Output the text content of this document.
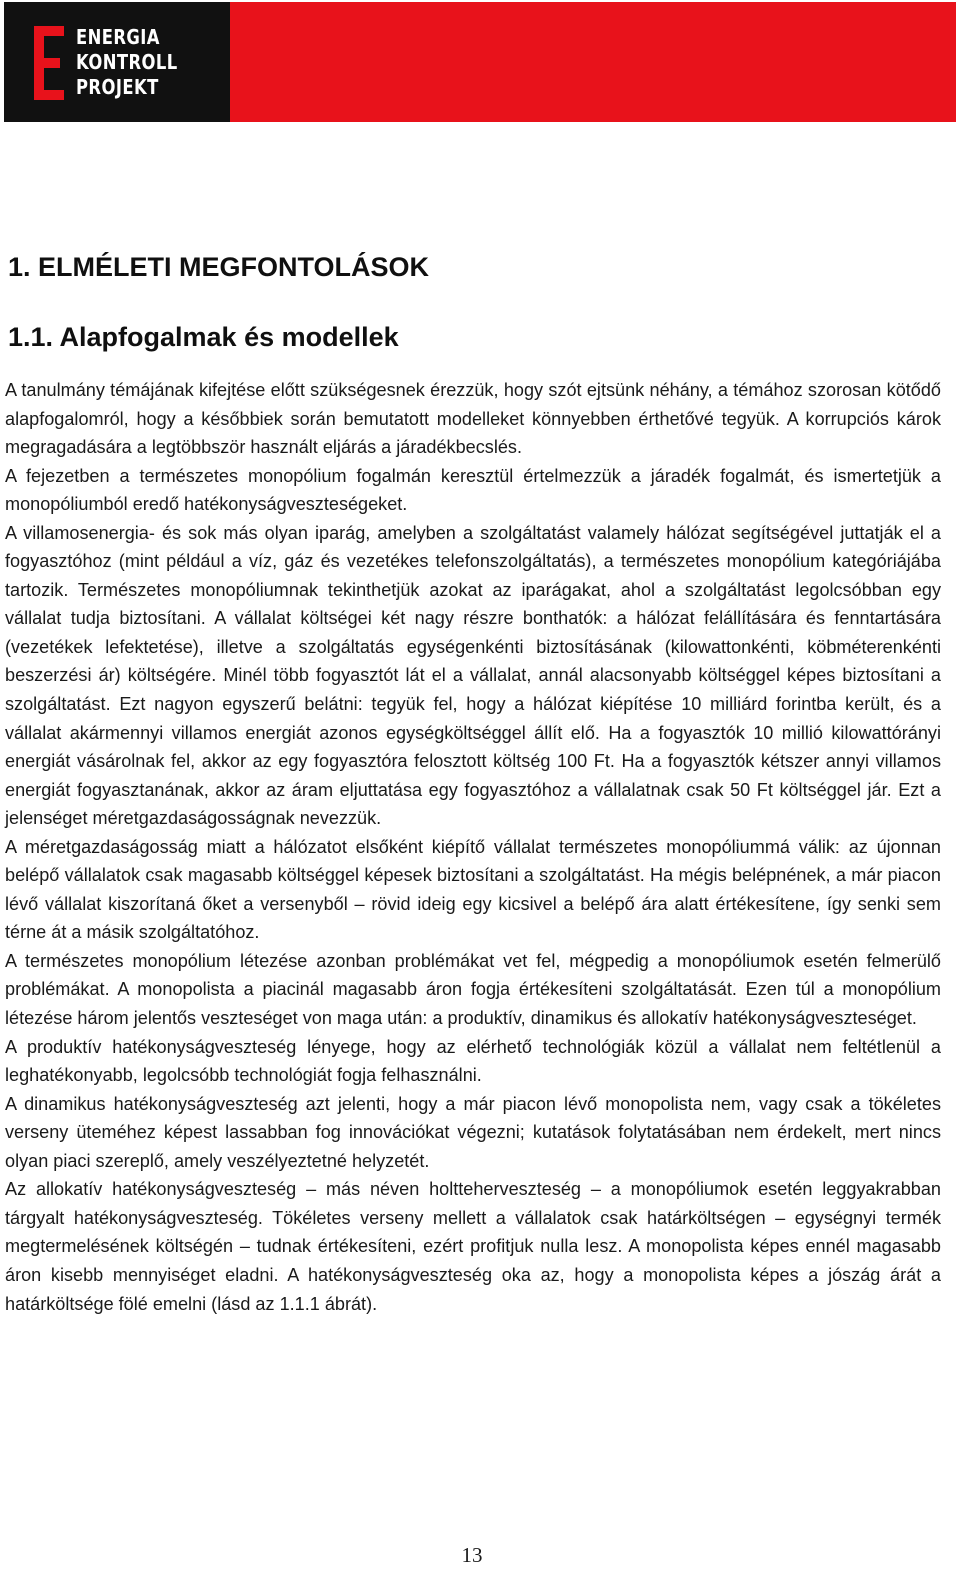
ENERGIA
KONTROLL
PROJEKT
1. ELMÉLETI MEGFONTOLÁSOK
1.1. Alapfogalmak és modellek

A tanulmány témájának kifejtése előtt szükségesnek érezzük, hogy szót ejtsünk néhány, a témához szorosan kötődő alapfogalomról, hogy a későbbiek során bemutatott modelleket könnyebben érthetővé tegyük. A korrupciós károk megragadására a legtöbbször használt eljárás a járadékbecslés.

A fejezetben a természetes monopólium fogalmán keresztül értelmezzük a járadék fogalmát, és ismertetjük a monopóliumból eredő hatékonyságveszteségeket.

A villamosenergia- és sok más olyan iparág, amelyben a szolgáltatást valamely hálózat segítségével juttatják el a fogyasztóhoz (mint például a víz, gáz és vezetékes telefonszolgáltatás), a természetes monopólium kategóriájába tartozik. Természetes monopóliumnak tekinthetjük azokat az iparágakat, ahol a szolgáltatást legolcsóbban egy vállalat tudja biztosítani. A vállalat költségei két nagy részre bonthatók: a hálózat felállítására és fenntartására (vezetékek lefektetése), illetve a szolgáltatás egységenkénti biztosításának (kilowattonkénti, köbméterenkénti beszerzési ár) költségére. Minél több fogyasztót lát el a vállalat, annál alacsonyabb költséggel képes biztosítani a szolgáltatást. Ezt nagyon egyszerű belátni: tegyük fel, hogy a hálózat kiépítése 10 milliárd forintba került, és a vállalat akármennyi villamos energiát azonos egységköltséggel állít elő. Ha a fogyasztók 10 millió kilowattórányi energiát vásárolnak fel, akkor az egy fogyasztóra felosztott költség 100 Ft. Ha a fogyasztók kétszer annyi villamos energiát fogyasztanának, akkor az áram eljuttatása egy fogyasztóhoz a vállalatnak csak 50 Ft költséggel jár. Ezt a jelenséget méretgazdaságosságnak nevezzük.

A méretgazdaságosság miatt a hálózatot elsőként kiépítő vállalat természetes monopóliummá válik: az újonnan belépő vállalatok csak magasabb költséggel képesek biztosítani a szolgáltatást. Ha mégis belépnének, a már piacon lévő vállalat kiszorítaná őket a versenyből – rövid ideig egy kicsivel a belépő ára alatt értékesítene, így senki sem térne át a másik szolgáltatóhoz.

A természetes monopólium létezése azonban problémákat vet fel, mégpedig a monopóliumok esetén felmerülő problémákat. A monopolista a piacinál magasabb áron fogja értékesíteni szolgáltatását. Ezen túl a monopólium létezése három jelentős veszteséget von maga után: a produktív, dinamikus és allokatív hatékonyságveszteséget.

A produktív hatékonyságveszteség lényege, hogy az elérhető technológiák közül a vállalat nem feltétlenül a leghatékonyabb, legolcsóbb technológiát fogja felhasználni.

A dinamikus hatékonyságveszteség azt jelenti, hogy a már piacon lévő monopolista nem, vagy csak a tökéletes verseny üteméhez képest lassabban fog innovációkat végezni; kutatások folytatásában nem érdekelt, mert nincs olyan piaci szereplő, amely veszélyeztetné helyzetét.

Az allokatív hatékonyságveszteség – más néven holtteherveszteség – a monopóliumok esetén leggyakrabban tárgyalt hatékonyságveszteség. Tökéletes verseny mellett a vállalatok csak határköltségen – egységnyi termék megtermelésének költségén – tudnak értékesíteni, ezért profitjuk nulla lesz. A monopolista képes ennél magasabb áron kisebb mennyiséget eladni. A hatékonyságveszteség oka az, hogy a monopolista képes a jószág árát a határköltsége fölé emelni (lásd az 1.1.1 ábrát).

13
